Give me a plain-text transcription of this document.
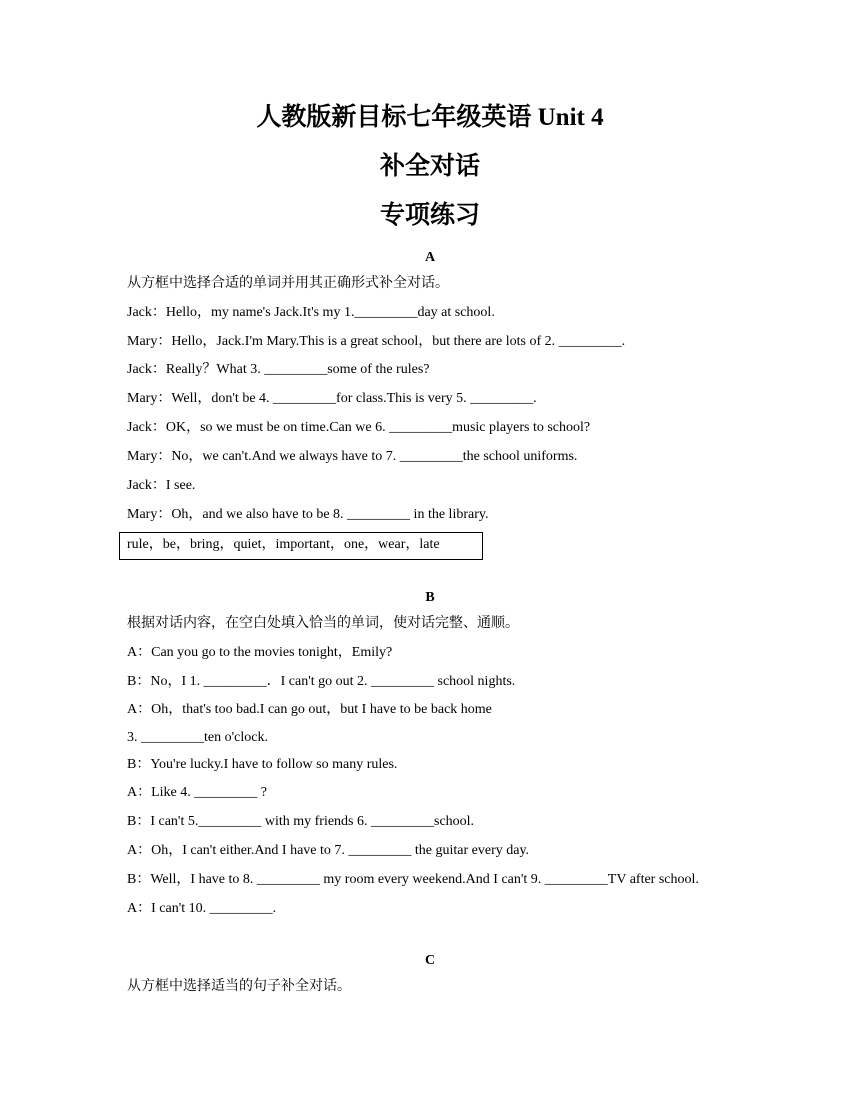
人教版新目标七年级英语 Unit 4
补全对话
专项练习
A
从方框中选择合适的单词并用其正确形式补全对话。
Jack：Hello，my name's Jack.It's my 1._________day at school.
Mary：Hello，Jack.I'm Mary.This is a great school，but there are lots of 2. _________.
Jack：Really？What 3. _________some of the rules?
Mary：Well，don't be 4. _________for class.This is very 5. _________.
Jack：OK，so we must be on time.Can we 6. _________music players to school?
Mary：No，we can't.And we always have to 7. _________the school uniforms.
Jack：I see.
Mary：Oh，and we also have to be 8. _________ in the library.
rule，be，bring，quiet，important，one，wear，late
B
根据对话内容，在空白处填入恰当的单词，使对话完整、通顺。
A：Can you go to the movies tonight，Emily?
B：No，I 1. _________．I can't go out 2. _________ school nights.
A：Oh，that's too bad.I can go out，but I have to be back home
3. _________ten o'clock.
B：You're lucky.I have to follow so many rules.
A：Like 4. _________ ?
B：I can't 5._________ with my friends 6. _________school.
A：Oh，I can't either.And I have to 7. _________ the guitar every day.
B：Well，I have to 8. _________ my room every weekend.And I can't 9. _________TV after school.
A：I can't 10. _________.
C
从方框中选择适当的句子补全对话。
